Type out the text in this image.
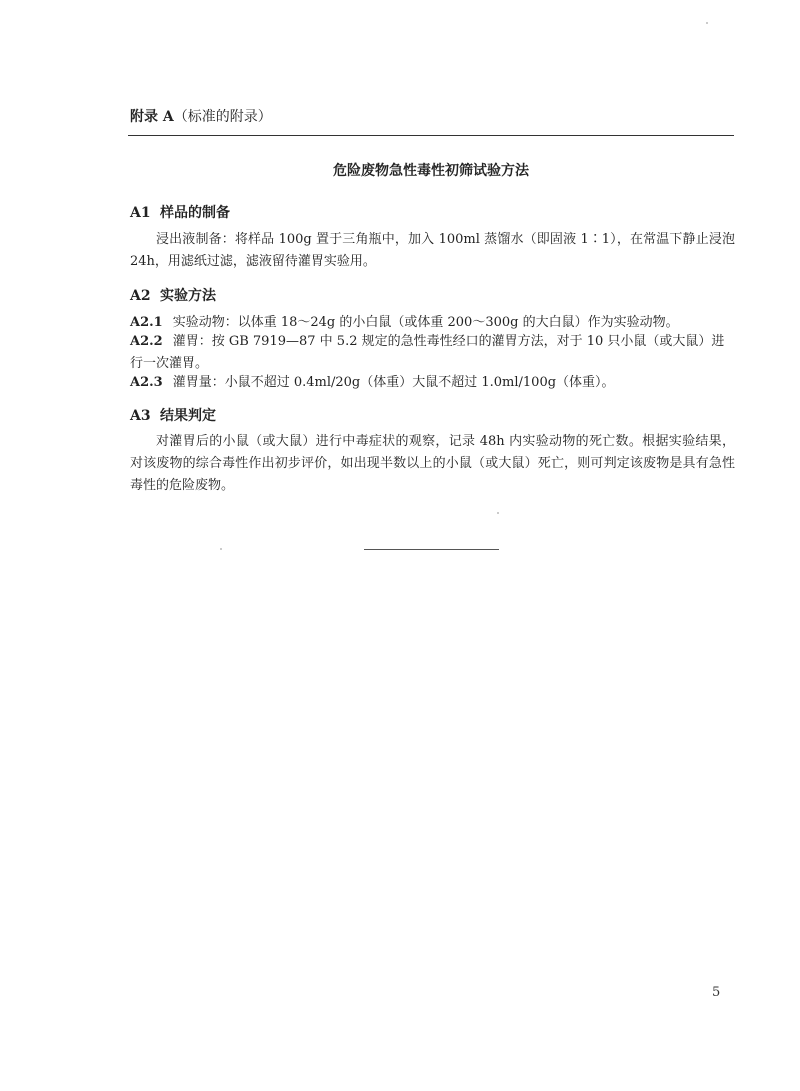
附录 A（标准的附录）
危险废物急性毒性初筛试验方法
A1 样品的制备
浸出液制备：将样品 100g 置于三角瓶中，加入 100ml 蒸馏水（即固液 1∶1），在常温下静止浸泡 24h，用滤纸过滤，滤液留待灌胃实验用。
A2 实验方法
A2.1 实验动物：以体重 18～24g 的小白鼠（或体重 200～300g 的大白鼠）作为实验动物。
A2.2 灌胃：按 GB 7919—87 中 5.2 规定的急性毒性经口的灌胃方法，对于 10 只小鼠（或大鼠）进行一次灌胃。
A2.3 灌胃量：小鼠不超过 0.4ml/20g（体重）大鼠不超过 1.0ml/100g（体重）。
A3 结果判定
对灌胃后的小鼠（或大鼠）进行中毒症状的观察，记录 48h 内实验动物的死亡数。根据实验结果，对该废物的综合毒性作出初步评价，如出现半数以上的小鼠（或大鼠）死亡，则可判定该废物是具有急性毒性的危险废物。
5
